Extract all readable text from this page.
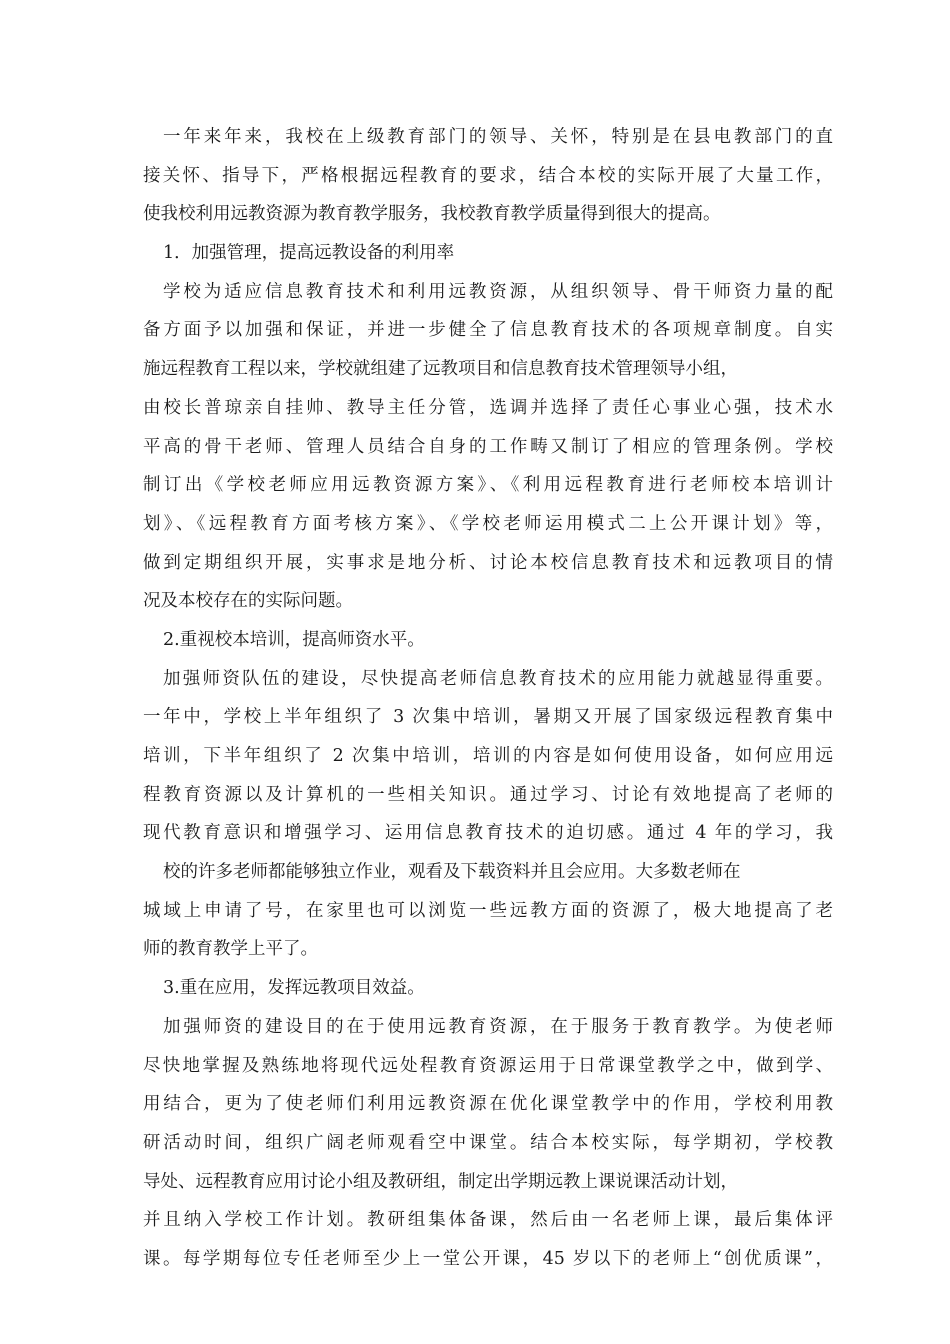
一年来年来，我校在上级教育部门的领导、关怀，特别是在县电教部门的直
接关怀、指导下，严格根据远程教育的要求，结合本校的实际开展了大量工作，
使我校利用远教资源为教育教学服务，我校教育教学质量得到很大的提高。
1．加强管理，提高远教设备的利用率
学校为适应信息教育技术和利用远教资源，从组织领导、骨干师资力量的配
备方面予以加强和保证，并进一步健全了信息教育技术的各项规章制度。自实
施远程教育工程以来，学校就组建了远教项目和信息教育技术管理领导小组，
由校长普琼亲自挂帅、教导主任分管，选调并选择了责任心事业心强，技术水
平高的骨干老师、管理人员结合自身的工作畴又制订了相应的管理条例。学校
制订出《学校老师应用远教资源方案》、《利用远程教育进行老师校本培训计
划》、《远程教育方面考核方案》、《学校老师运用模式二上公开课计划》等，
做到定期组织开展，实事求是地分析、讨论本校信息教育技术和远教项目的情
况及本校存在的实际问题。
2.重视校本培训，提高师资水平。
加强师资队伍的建设，尽快提高老师信息教育技术的应用能力就越显得重要。
一年中，学校上半年组织了 3 次集中培训，暑期又开展了国家级远程教育集中
培训，下半年组织了 2 次集中培训，培训的内容是如何使用设备，如何应用远
程教育资源以及计算机的一些相关知识。通过学习、讨论有效地提高了老师的
现代教育意识和增强学习、运用信息教育技术的迫切感。通过 4 年的学习，我
校的许多老师都能够独立作业，观看及下载资料并且会应用。大多数老师在
城域上申请了号，在家里也可以浏览一些远教方面的资源了，极大地提高了老
师的教育教学上平了。
3.重在应用，发挥远教项目效益。
加强师资的建设目的在于使用远教育资源，在于服务于教育教学。为使老师
尽快地掌握及熟练地将现代远处程教育资源运用于日常课堂教学之中，做到学、
用结合，更为了使老师们利用远教资源在优化课堂教学中的作用，学校利用教
研活动时间，组织广阔老师观看空中课堂。结合本校实际，每学期初，学校教
导处、远程教育应用讨论小组及教研组，制定出学期远教上课说课活动计划，
并且纳入学校工作计划。教研组集体备课，然后由一名老师上课，最后集体评
课。每学期每位专任老师至少上一堂公开课，45 岁以下的老师上“创优质课”，
